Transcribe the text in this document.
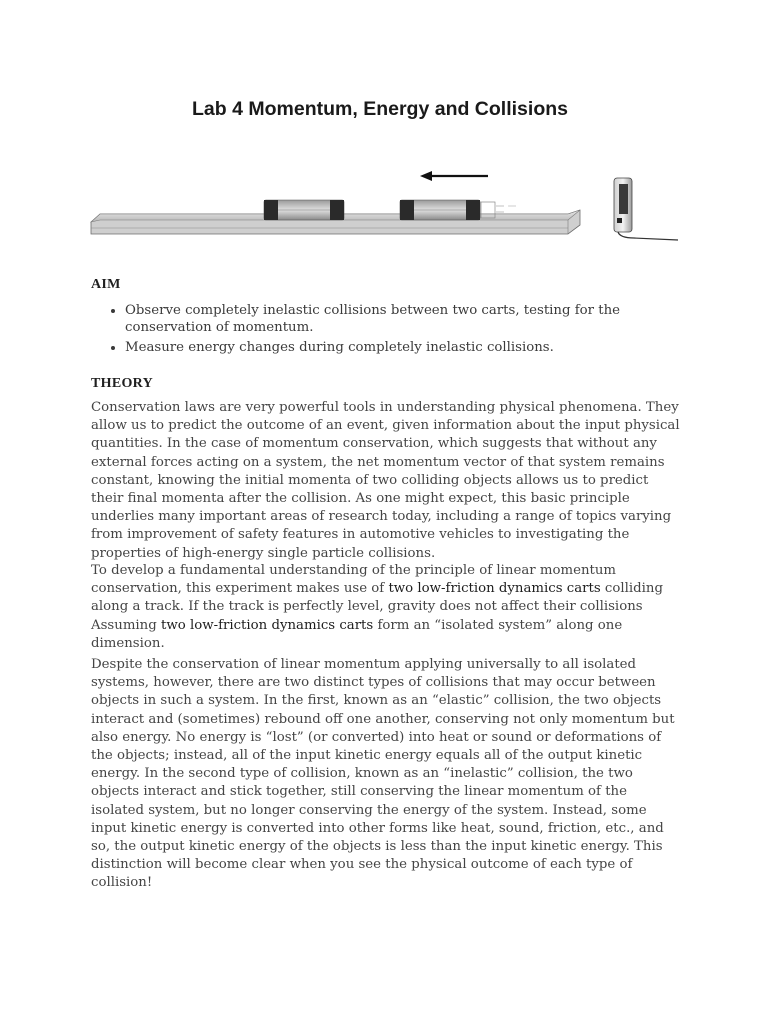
Lab 4 Momentum, Energy and Collisions
AIM
• Observe completely inelastic collisions between two carts, testing for the conservation of momentum.
• Measure energy changes during completely inelastic collisions.
THEORY

Conservation laws are very powerful tools in understanding physical phenomena. They allow us to predict the outcome of an event, given information about the input physical quantities. In the case of momentum conservation, which suggests that without any external forces acting on a system, the net momentum vector of that system remains constant, knowing the initial momenta of two colliding objects allows us to predict their final momenta after the collision. As one might expect, this basic principle underlies many important areas of research today, including a range of topics varying from improvement of safety features in automotive vehicles to investigating the properties of high-energy single particle collisions.

To develop a fundamental understanding of the principle of linear momentum conservation, this experiment makes use of two low-friction dynamics carts colliding along a track. If the track is perfectly level, gravity does not affect their collisions Assuming two low-friction dynamics carts form an “isolated system” along one dimension.

Despite the conservation of linear momentum applying universally to all isolated systems, however, there are two distinct types of collisions that may occur between objects in such a system. In the first, known as an “elastic” collision, the two objects interact and (sometimes) rebound off one another, conserving not only momentum but also energy. No energy is “lost” (or converted) into heat or sound or deformations of the objects; instead, all of the input kinetic energy equals all of the output kinetic energy. In the second type of collision, known as an “inelastic” collision, the two objects interact and stick together, still conserving the linear momentum of the isolated system, but no longer conserving the energy of the system. Instead, some input kinetic energy is converted into other forms like heat, sound, friction, etc., and so, the output kinetic energy of the objects is less than the input kinetic energy. This distinction will become clear when you see the physical outcome of each type of collision!
